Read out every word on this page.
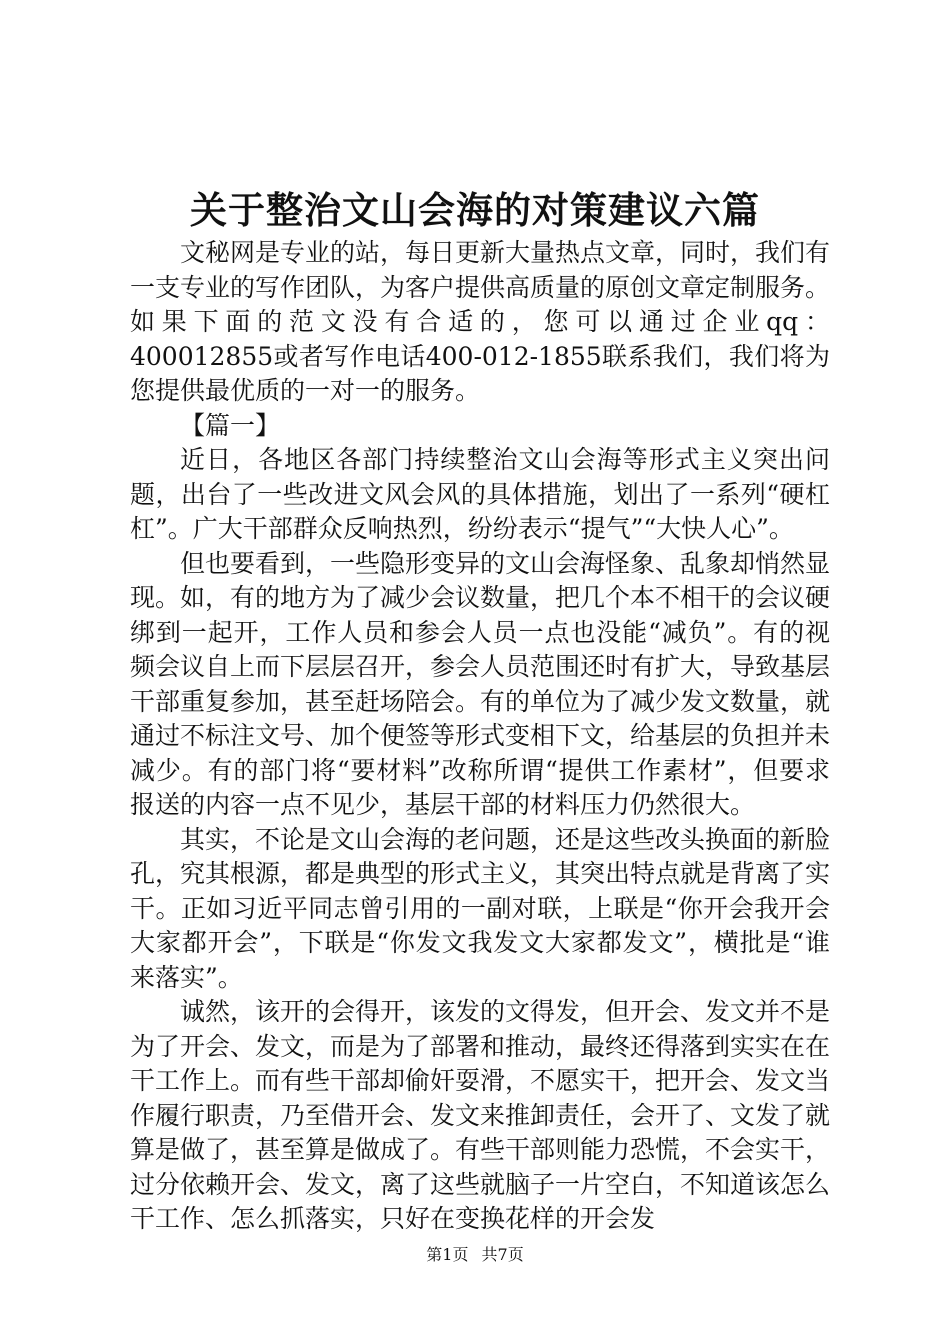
关于整治文山会海的对策建议六篇

文秘网是专业的站，每日更新大量热点文章，同时，我们有一支专业的写作团队，为客户提供高质量的原创文章定制服务。如果下面的范文没有合适的，您可以通过企业qq：400012855或者写作电话400-012-1855联系我们，我们将为您提供最优质的一对一的服务。

【篇一】

近日，各地区各部门持续整治文山会海等形式主义突出问题，出台了一些改进文风会风的具体措施，划出了一系列“硬杠杠”。广大干部群众反响热烈，纷纷表示“提气”“大快人心”。

但也要看到，一些隐形变异的文山会海怪象、乱象却悄然显现。如，有的地方为了减少会议数量，把几个本不相干的会议硬绑到一起开，工作人员和参会人员一点也没能“减负”。有的视频会议自上而下层层召开，参会人员范围还时有扩大，导致基层干部重复参加，甚至赶场陪会。有的单位为了减少发文数量，就通过不标注文号、加个便签等形式变相下文，给基层的负担并未减少。有的部门将“要材料”改称所谓“提供工作素材”，但要求报送的内容一点不见少，基层干部的材料压力仍然很大。

其实，不论是文山会海的老问题，还是这些改头换面的新脸孔，究其根源，都是典型的形式主义，其突出特点就是背离了实干。正如习近平同志曾引用的一副对联，上联是“你开会我开会大家都开会”，下联是“你发文我发文大家都发文”，横批是“谁来落实”。

诚然，该开的会得开，该发的文得发，但开会、发文并不是为了开会、发文，而是为了部署和推动，最终还得落到实实在在干工作上。而有些干部却偷奸耍滑，不愿实干，把开会、发文当作履行职责，乃至借开会、发文来推卸责任，会开了、文发了就算是做了，甚至算是做成了。有些干部则能力恐慌，不会实干，过分依赖开会、发文，离了这些就脑子一片空白，不知道该怎么干工作、怎么抓落实，只好在变换花样的开会发

第1页 共7页
